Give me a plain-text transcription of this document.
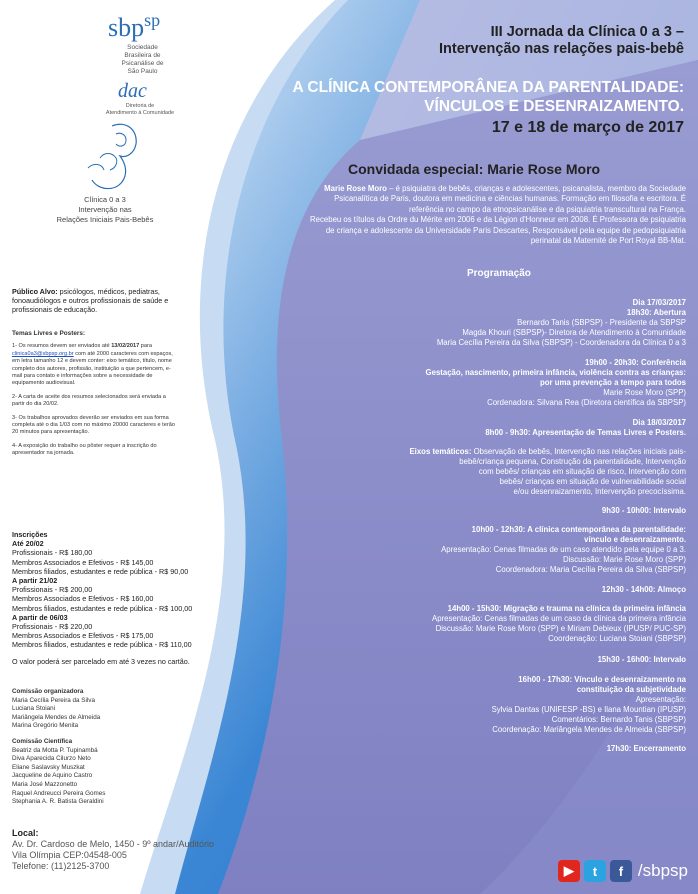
sbp$^{sp}$
Sociedade
Brasileira de
Psicanálise de
São Paulo
dac
Diretoria de
Atendimento à Comunidade
Clínica 0 a 3
Intervenção nas
Relações Iniciais Pais-Bebês
III Jornada da Clínica 0 a 3 –
Intervenção nas relações pais-bebê
A CLÍNICA CONTEMPORÂNEA DA PARENTALIDADE:
VÍNCULOS E DESENRAIZAMENTO.
17 e 18 de março de 2017
Convidada especial: Marie Rose Moro
Marie Rose Moro – é psiquiatra de bebês, crianças e adolescentes, psicanalista, membro da Sociedade
Psicanalítica de Paris, doutora em medicina e ciências humanas. Formação em filosofia e escritora. É
referência no campo da etnopsicanálise e da psiquiatria transcultural na França.
Recebeu os títulos da Ordre du Mérite em 2006 e da Légion d'Honneur em 2008. É Professora de psiquiatria
de criança e adolescente da Universidade Paris Descartes, Responsável pela equipe de pedopsiquiatria
perinatal da Maternité de Port Royal BB-Mat.
Programação
Dia 17/03/2017
18h30: Abertura
Bernardo Tanis (SBPSP) - Presidente da SBPSP
Magda Khouri (SBPSP)- Diretora de Atendimento à Comunidade
Maria Cecília Pereira da Silva (SBPSP) - Coordenadora da Clínica 0 a 3
19h00 - 20h30: Conferência
Gestação, nascimento, primeira infância, violência contra as crianças:
por uma prevenção a tempo para todos
Marie Rose Moro (SPP)
Cordenadora: Silvana Rea (Diretora científica da SBPSP)
Dia 18/03/2017
8h00 - 9h30: Apresentação de Temas Livres e Posters.
Eixos temáticos: Observação de bebês, Intervenção nas relações iniciais pais-
bebê/criança pequena, Construção da parentalidade, Intervenção
com bebês/ crianças em situação de risco, Intervenção com
bebês/ crianças em situação de vulnerabilidade social
e/ou desenraizamento, Intervenção precocíssima.
9h30 - 10h00: Intervalo
10h00 - 12h30: A clínica contemporânea da parentalidade:
vínculo e desenraizamento.
Apresentação: Cenas filmadas de um caso atendido pela equipe 0 a 3.
Discussão: Marie Rose Moro (SPP)
Coordenadora: Maria Cecília Pereira da Silva (SBPSP)
12h30 - 14h00: Almoço
14h00 - 15h30: Migração e trauma na clínica da primeira infância
Apresentação: Cenas filmadas de um caso da clínica da primeira infância
Discussão: Marie Rose Moro (SPP) e Miriam Debieux (IPUSP/ PUC-SP)
Coordenação: Luciana Stoiani (SBPSP)
15h30 - 16h00: Intervalo
16h00 - 17h30: Vínculo e desenraizamento na
constituição da subjetividade
Apresentação:
Sylvia Dantas (UNIFESP -BS) e Ilana Mountian (IPUSP)
Comentários: Bernardo Tanis (SBPSP)
Coordenação: Mariângela Mendes de Almeida (SBPSP)
17h30: Encerramento
Público Alvo: psicólogos, médicos, pediatras, fonoaudiólogos e outros profissionais de saúde e profissionais de educação.

Temas Livres e Posters:

1- Os resumos devem ser enviados até 13/02/2017 para clinica0a3@sbpsp.org.br com até 2000 caracteres com espaços, em letra tamanho 12 e devem conter: eixo temático, título, nome completo dos autores, profissão, instituição a que pertencem, e-mail para contato e informações sobre a necessidade de equipamento audiovisual.

2- A carta de aceite dos resumos selecionados será enviada a partir do dia 20/02.

3- Os trabalhos aprovados deverão ser enviados em sua forma completa até o dia 1/03 com no máximo 20000 caracteres e terão 20 minutos para apresentação.

4- A exposição do trabalho ou pôster requer a inscrição do apresentador na jornada.

Inscrições
Até 20/02
Profissionais - R$ 180,00
Membros Associados e Efetivos - R$ 145,00
Membros filiados, estudantes e rede pública - R$ 90,00
A partir 21/02
Profissionais - R$ 200,00
Membros Associados e Efetivos - R$ 160,00
Membros filiados, estudantes e rede pública - R$ 100,00
A partir de 06/03
Profissionais - R$ 220,00
Membros Associados e Efetivos - R$ 175,00
Membros filiados, estudantes e rede pública - R$ 110,00
O valor poderá ser parcelado em até 3 vezes no cartão.
Comissão organizadora
Maria Cecília Pereira da Silva
Luciana Stoiani
Mariângela Mendes de Almeida
Marina Gregório Menita
Comissão Científica
Beatriz da Motta P. Tupinambá
Diva Aparecida Cilurzo Neto
Eliane Saslavsky Muszkat
Jacqueline de Aquino Castro
Maria José Mazzonetto
Raquel Andreucci Pereira Gomes
Stephania A. R. Batista Geraldini
Local:
Av. Dr. Cardoso de Melo, 1450 - 9º andar/Auditório
Vila Olímpia CEP:04548-005
Telefone: (11)2125-3700	▶	t	f /sbpsp
